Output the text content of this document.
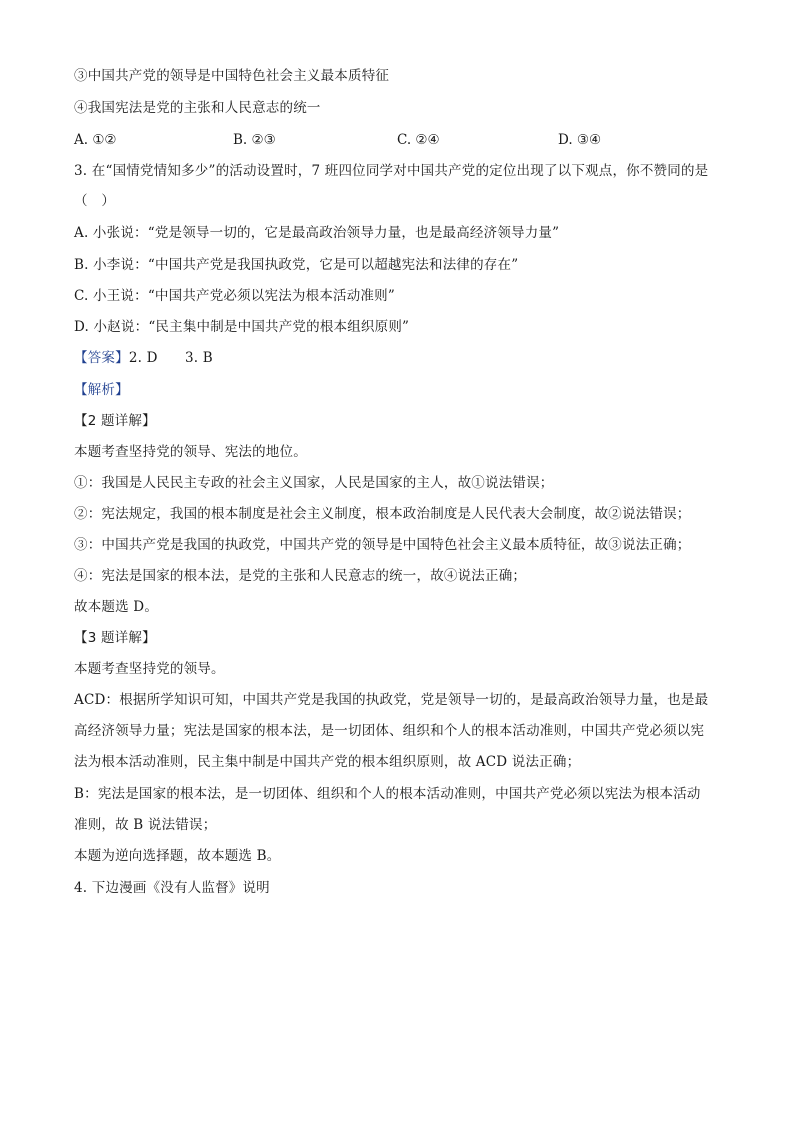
③中国共产党的领导是中国特色社会主义最本质特征
④我国宪法是党的主张和人民意志的统一
A. ①②	B. ②③	C. ②④	D. ③④
3. 在“国情党情知多少”的活动设置时，7 班四位同学对中国共产党的定位出现了以下观点，你不赞同的是
（　）
A. 小张说：“党是领导一切的，它是最高政治领导力量，也是最高经济领导力量”
B. 小李说：“中国共产党是我国执政党，它是可以超越宪法和法律的存在”
C. 小王说：“中国共产党必须以宪法为根本活动准则”
D. 小赵说：“民主集中制是中国共产党的根本组织原则”
【答案】2. D　　3. B
【解析】
【2 题详解】
本题考查坚持党的领导、宪法的地位。
①：我国是人民民主专政的社会主义国家，人民是国家的主人，故①说法错误；
②：宪法规定，我国的根本制度是社会主义制度，根本政治制度是人民代表大会制度，故②说法错误；
③：中国共产党是我国的执政党，中国共产党的领导是中国特色社会主义最本质特征，故③说法正确；
④：宪法是国家的根本法，是党的主张和人民意志的统一，故④说法正确；
故本题选 D。
【3 题详解】
本题考查坚持党的领导。
ACD：根据所学知识可知，中国共产党是我国的执政党，党是领导一切的，是最高政治领导力量，也是最
高经济领导力量；宪法是国家的根本法，是一切团体、组织和个人的根本活动准则，中国共产党必须以宪
法为根本活动准则，民主集中制是中国共产党的根本组织原则，故 ACD 说法正确；
B：宪法是国家的根本法，是一切团体、组织和个人的根本活动准则，中国共产党必须以宪法为根本活动
准则，故 B 说法错误；
本题为逆向选择题，故本题选 B。
4. 下边漫画《没有人监督》说明
